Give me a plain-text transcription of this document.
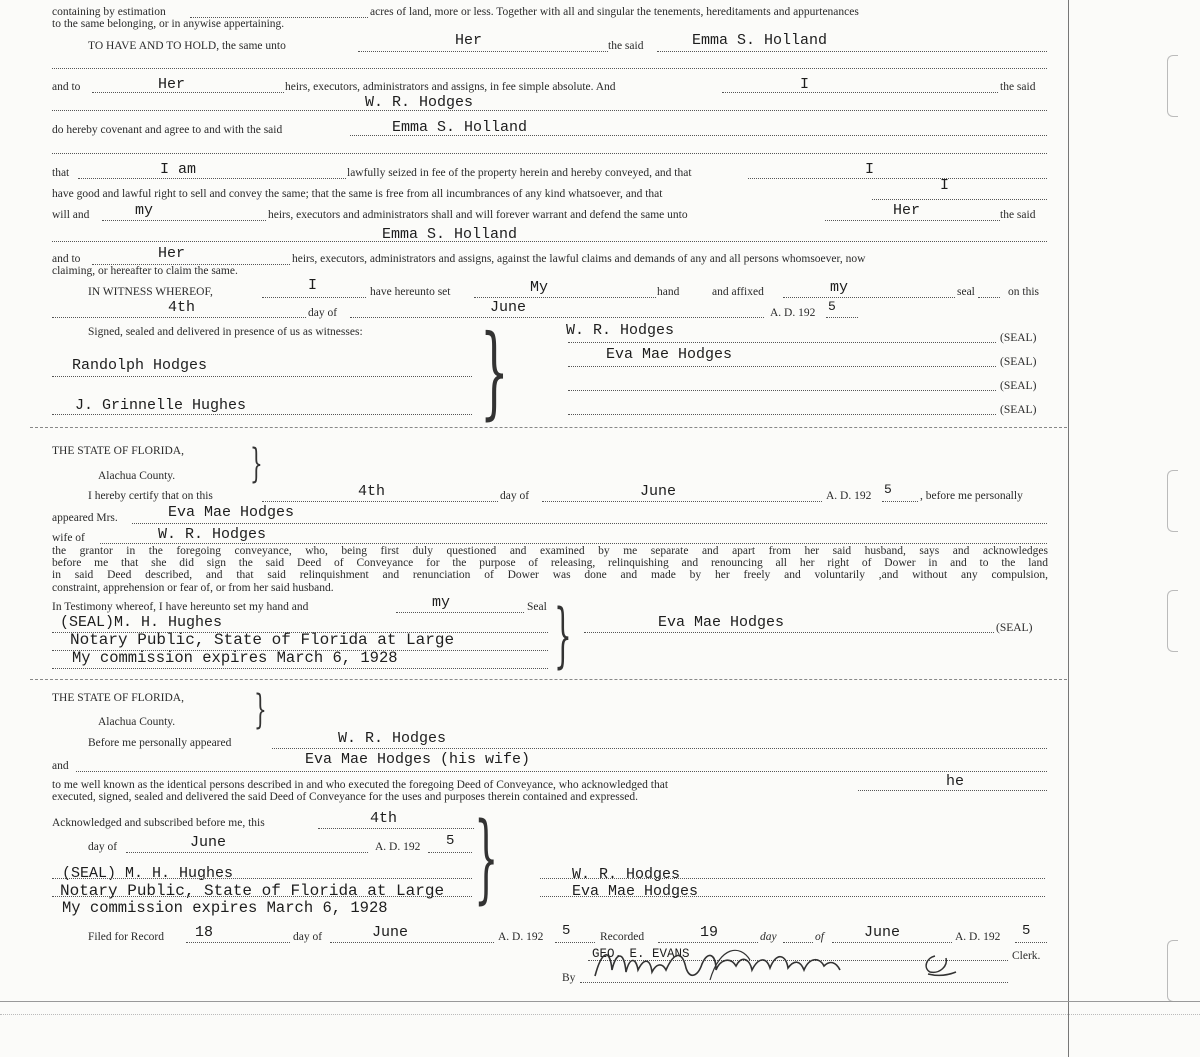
containing by estimation	acres of land, more or less. Together with all and singular the tenements, hereditaments and appurtenances
to the same belonging, or in anywise appertaining.
TO HAVE AND TO HOLD, the same unto	Her	the said	Emma S. Holland
and to	Her	heirs, executors, administrators and assigns, in fee simple absolute. And	I	the said
W. R. Hodges
do hereby covenant and agree to and with the said	Emma S. Holland
that	I am	lawfully seized in fee of the property herein and hereby conveyed, and that	I
have good and lawful right to sell and convey the same; that the same is free from all incumbrances of any kind whatsoever, and that	I
will and	my	heirs, executors and administrators shall and will forever warrant and defend the same unto	Her	the said
Emma S. Holland
and to	Her	heirs, executors, administrators and assigns, against the lawful claims and demands of any and all persons whomsoever, now
claiming, or hereafter to claim the same.
IN WITNESS WHEREOF,	I	have hereunto set	My	hand	and affixed	my	seal	on this
4th	day of	June	A. D. 192 5
Signed, sealed and delivered in presence of us as witnesses:
Randolph Hodges
J. Grinnelle Hughes }	W. R. Hodges	(SEAL)
Eva Mae Hodges	(SEAL)
(SEAL)
(SEAL)
THE STATE OF FLORIDA,
Alachua County. }
I hereby certify that on this	4th	day of	June	A. D. 192 5 , before me personally
appeared Mrs.	Eva Mae Hodges
wife of	W. R. Hodges
the grantor in the foregoing conveyance, who, being first duly questioned and examined by me separate and apart from her said husband, says and acknowledges
before me that she did sign the said Deed of Conveyance for the purpose of releasing, relinquishing and renouncing all her right of Dower in and to the land
in said Deed described, and that said relinquishment and renunciation of Dower was done and made by her freely and voluntarily ,and without any compulsion,
constraint, apprehension or fear of, or from her said husband.
In Testimony whereof, I have hereunto set my hand and	my	Seal
(SEAL)M. H. Hughes
Notary Public, State of Florida at Large
My commission expires March 6, 1928 }	Eva Mae Hodges	(SEAL)
THE STATE OF FLORIDA,
Alachua County. }
Before me personally appeared	W. R. Hodges
and	Eva Mae Hodges (his wife)
to me well known as the identical persons described in and who executed the foregoing Deed of Conveyance, who acknowledged that	he
executed, signed, sealed and delivered the said Deed of Conveyance for the uses and purposes therein contained and expressed.
Acknowledged and subscribed before me, this	4th
day of	June	A. D. 192 5 }
(SEAL) M. H. Hughes
Notary Public, State of Florida at Large
My commission expires March 6, 1928
W. R. Hodges
Eva Mae Hodges
Filed for Record 18	day of	June	A. D. 192 5	Recorded	19	day	of	June	A. D. 192 5
GEO. E. EVANS	Clerk.
By
